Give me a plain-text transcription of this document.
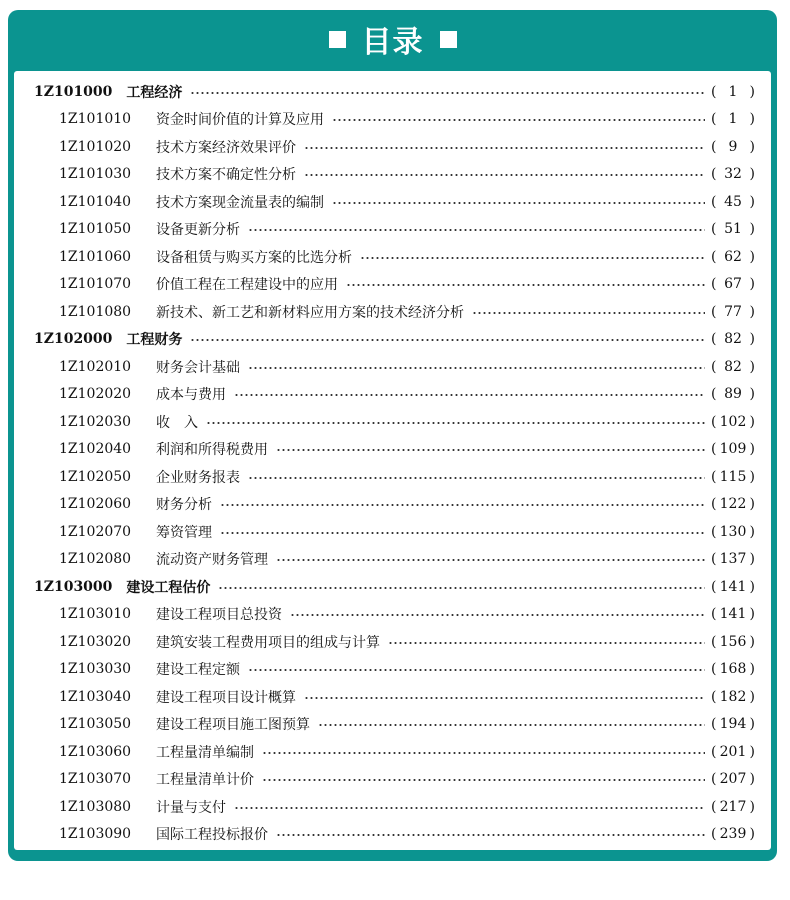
目录
1Z101000 工程经济	( 1 )
1Z101010	资金时间价值的计算及应用	( 1 )
1Z101020	技术方案经济效果评价	( 9 )
1Z101030	技术方案不确定性分析	( 32 )
1Z101040	技术方案现金流量表的编制	( 45 )
1Z101050	设备更新分析	( 51 )
1Z101060	设备租赁与购买方案的比选分析	( 62 )
1Z101070	价值工程在工程建设中的应用	( 67 )
1Z101080	新技术、新工艺和新材料应用方案的技术经济分析	( 77 )
1Z102000 工程财务	( 82 )
1Z102010	财务会计基础	( 82 )
1Z102020	成本与费用	( 89 )
1Z102030	收　入	( 102 )
1Z102040	利润和所得税费用	( 109 )
1Z102050	企业财务报表	( 115 )
1Z102060	财务分析	( 122 )
1Z102070	筹资管理	( 130 )
1Z102080	流动资产财务管理	( 137 )
1Z103000 建设工程估价	( 141 )
1Z103010	建设工程项目总投资	( 141 )
1Z103020	建筑安装工程费用项目的组成与计算	( 156 )
1Z103030	建设工程定额	( 168 )
1Z103040	建设工程项目设计概算	( 182 )
1Z103050	建设工程项目施工图预算	( 194 )
1Z103060	工程量清单编制	( 201 )
1Z103070	工程量清单计价	( 207 )
1Z103080	计量与支付	( 217 )
1Z103090	国际工程投标报价	( 239 )
